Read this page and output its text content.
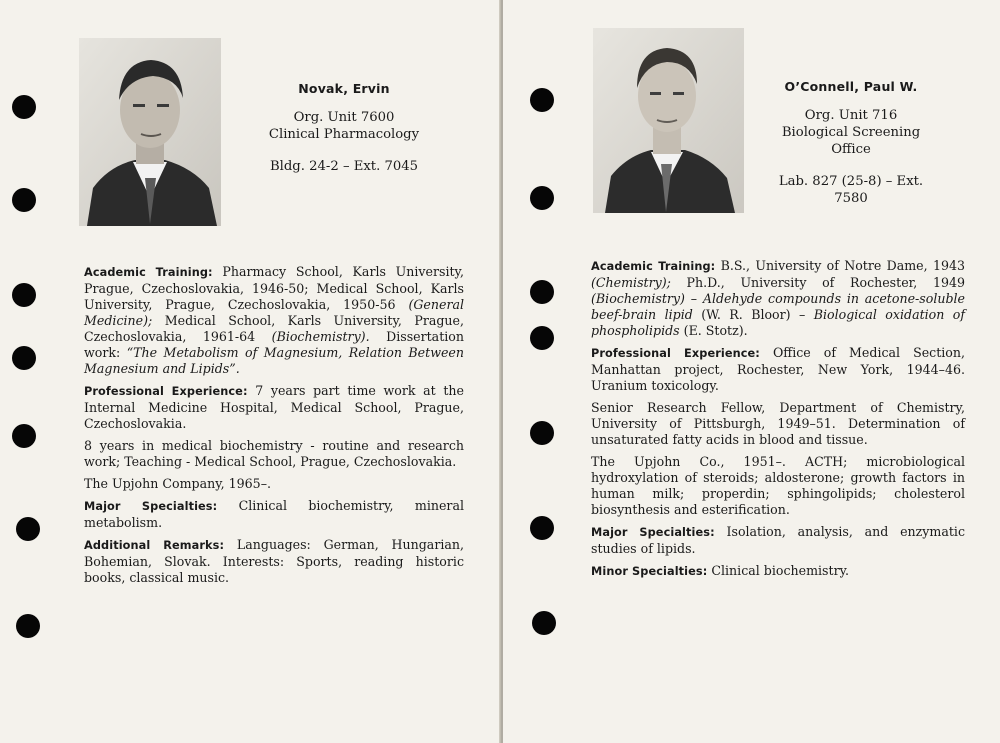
Novak, Ervin
Org. Unit 7600
Clinical Pharmacology
Bldg. 24-2 – Ext. 7045

Academic Training: Pharmacy School, Karls University, Prague, Czechoslovakia, 1946-50; Medical School, Karls University, Prague, Czechoslovakia, 1950-56 (General Medicine); Medical School, Karls University, Prague, Czechoslovakia, 1961-64 (Biochemistry). Dissertation work: “The Metabolism of Magnesium, Relation Between Magnesium and Lipids”.

Professional Experience: 7 years part time work at the Internal Medicine Hospital, Medical School, Prague, Czechoslovakia.

8 years in medical biochemistry - routine and research work; Teaching - Medical School, Prague, Czechoslovakia.

The Upjohn Company, 1965–.

Major Specialties: Clinical biochemistry, mineral metabolism.

Additional Remarks: Languages: German, Hungarian, Bohemian, Slovak. Interests: Sports, reading historic books, classical music.

O’Connell, Paul W.
Org. Unit 716
Biological Screening Office
Lab. 827 (25-8) – Ext. 7580

Academic Training: B.S., University of Notre Dame, 1943 (Chemistry); Ph.D., University of Rochester, 1949 (Biochemistry) – Aldehyde compounds in acetone-soluble beef-brain lipid (W. R. Bloor) – Biological oxidation of phospholipids (E. Stotz).

Professional Experience: Office of Medical Section, Manhattan project, Rochester, New York, 1944–46. Uranium toxicology.

Senior Research Fellow, Department of Chemistry, University of Pittsburgh, 1949–51. Determination of unsaturated fatty acids in blood and tissue.

The Upjohn Co., 1951–. ACTH; microbiological hydroxylation of steroids; aldosterone; growth factors in human milk; properdin; sphingolipids; cholesterol biosynthesis and esterification.

Major Specialties: Isolation, analysis, and enzymatic studies of lipids.

Minor Specialties: Clinical biochemistry.
